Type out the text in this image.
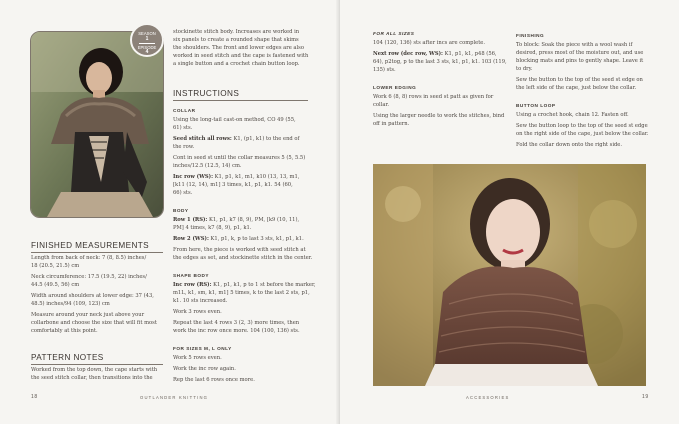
SEASON
1
EPISODE
4

FINISHED MEASUREMENTS

Length from back of neck: 7 (8, 8.5) inches/

18 (20.5, 21.5) cm

Neck circumference: 17.5 (19.5, 22) inches/

44.5 (49.5, 56) cm

Width around shoulders at lower edge: 37 (43,

48.5) inches/94 (109, 123) cm

Measure around your neck just above your

collarbone and choose the size that will fit most

comfortably at this point.

PATTERN NOTES

Worked from the top down, the cape starts with

the seed stitch collar, then transitions into the

stockinette stitch body. Increases are worked in

six panels to create a rounded shape that skims

the shoulders. The front and lower edges are also

worked in seed stitch and the cape is fastened with

a single button and a crochet chain button loop.

INSTRUCTIONS

COLLAR

Using the long-tail cast-on method, CO 49 (55,

61) sts.

Seed stitch all rows: K1, (p1, k1) to the end of

the row.

Cont in seed st until the collar measures 5 (5, 5.5)

inches/12.5 (12.5, 14) cm.

Inc row (WS): K1, p1, k1, m1, k10 (13, 13, m1,

[k11 (12, 14), m1] 3 times, k1, p1, k1. 54 (60,

66) sts.

BODY

Row 1 (RS): K1, p1, k7 (8, 9), PM, [k9 (10, 11),

PM] 4 times, k7 (8, 9), p1, k1.

Row 2 (WS): K1, p1, k, p to last 3 sts, k1, p1, k1.

From here, the piece is worked with seed stitch at

the edges as set, and stockinette stitch in the center.

SHAPE BODY

Inc row (RS): K1, p1, k1, p to 1 st before the marker,

m1L, k1, sm, k1, m1] 5 times, k to the last 2 sts, p1,

k1. 10 sts increased.

Work 3 rows even.

Repeat the last 4 rows 3 (2, 3) more times, then

work the inc row once more. 104 (100, 136) sts.

FOR SIZES M, L ONLY

Work 5 rows even.

Work the inc row again.

Rep the last 6 rows once more.

18	OUTLANDER KNITTING

FOR ALL SIZES

104 (120, 136) sts after incs are complete.

Next row (dec row, WS): K1, p1, k1, p48 (56,

64), p2tog, p to the last 3 sts, k1, p1, k1. 103 (119,

135) sts.

LOWER EDGING

Work 6 (8, 8) rows in seed st patt as given for

collar.

Using the larger needle to work the stitches, bind

off in pattern.

FINISHING

To block: Soak the piece with a wool wash if

desired, press most of the moisture out, and use

blocking mats and pins to gently shape. Leave it

to dry.

Sew the button to the top of the seed st edge on

the left side of the cape, just below the collar.

BUTTON LOOP

Using a crochet hook, chain 12. Fasten off.

Sew the button loop to the top of the seed st edge

on the right side of the cape, just below the collar.

Fold the collar down onto the right side.

ACCESSORIES	19
